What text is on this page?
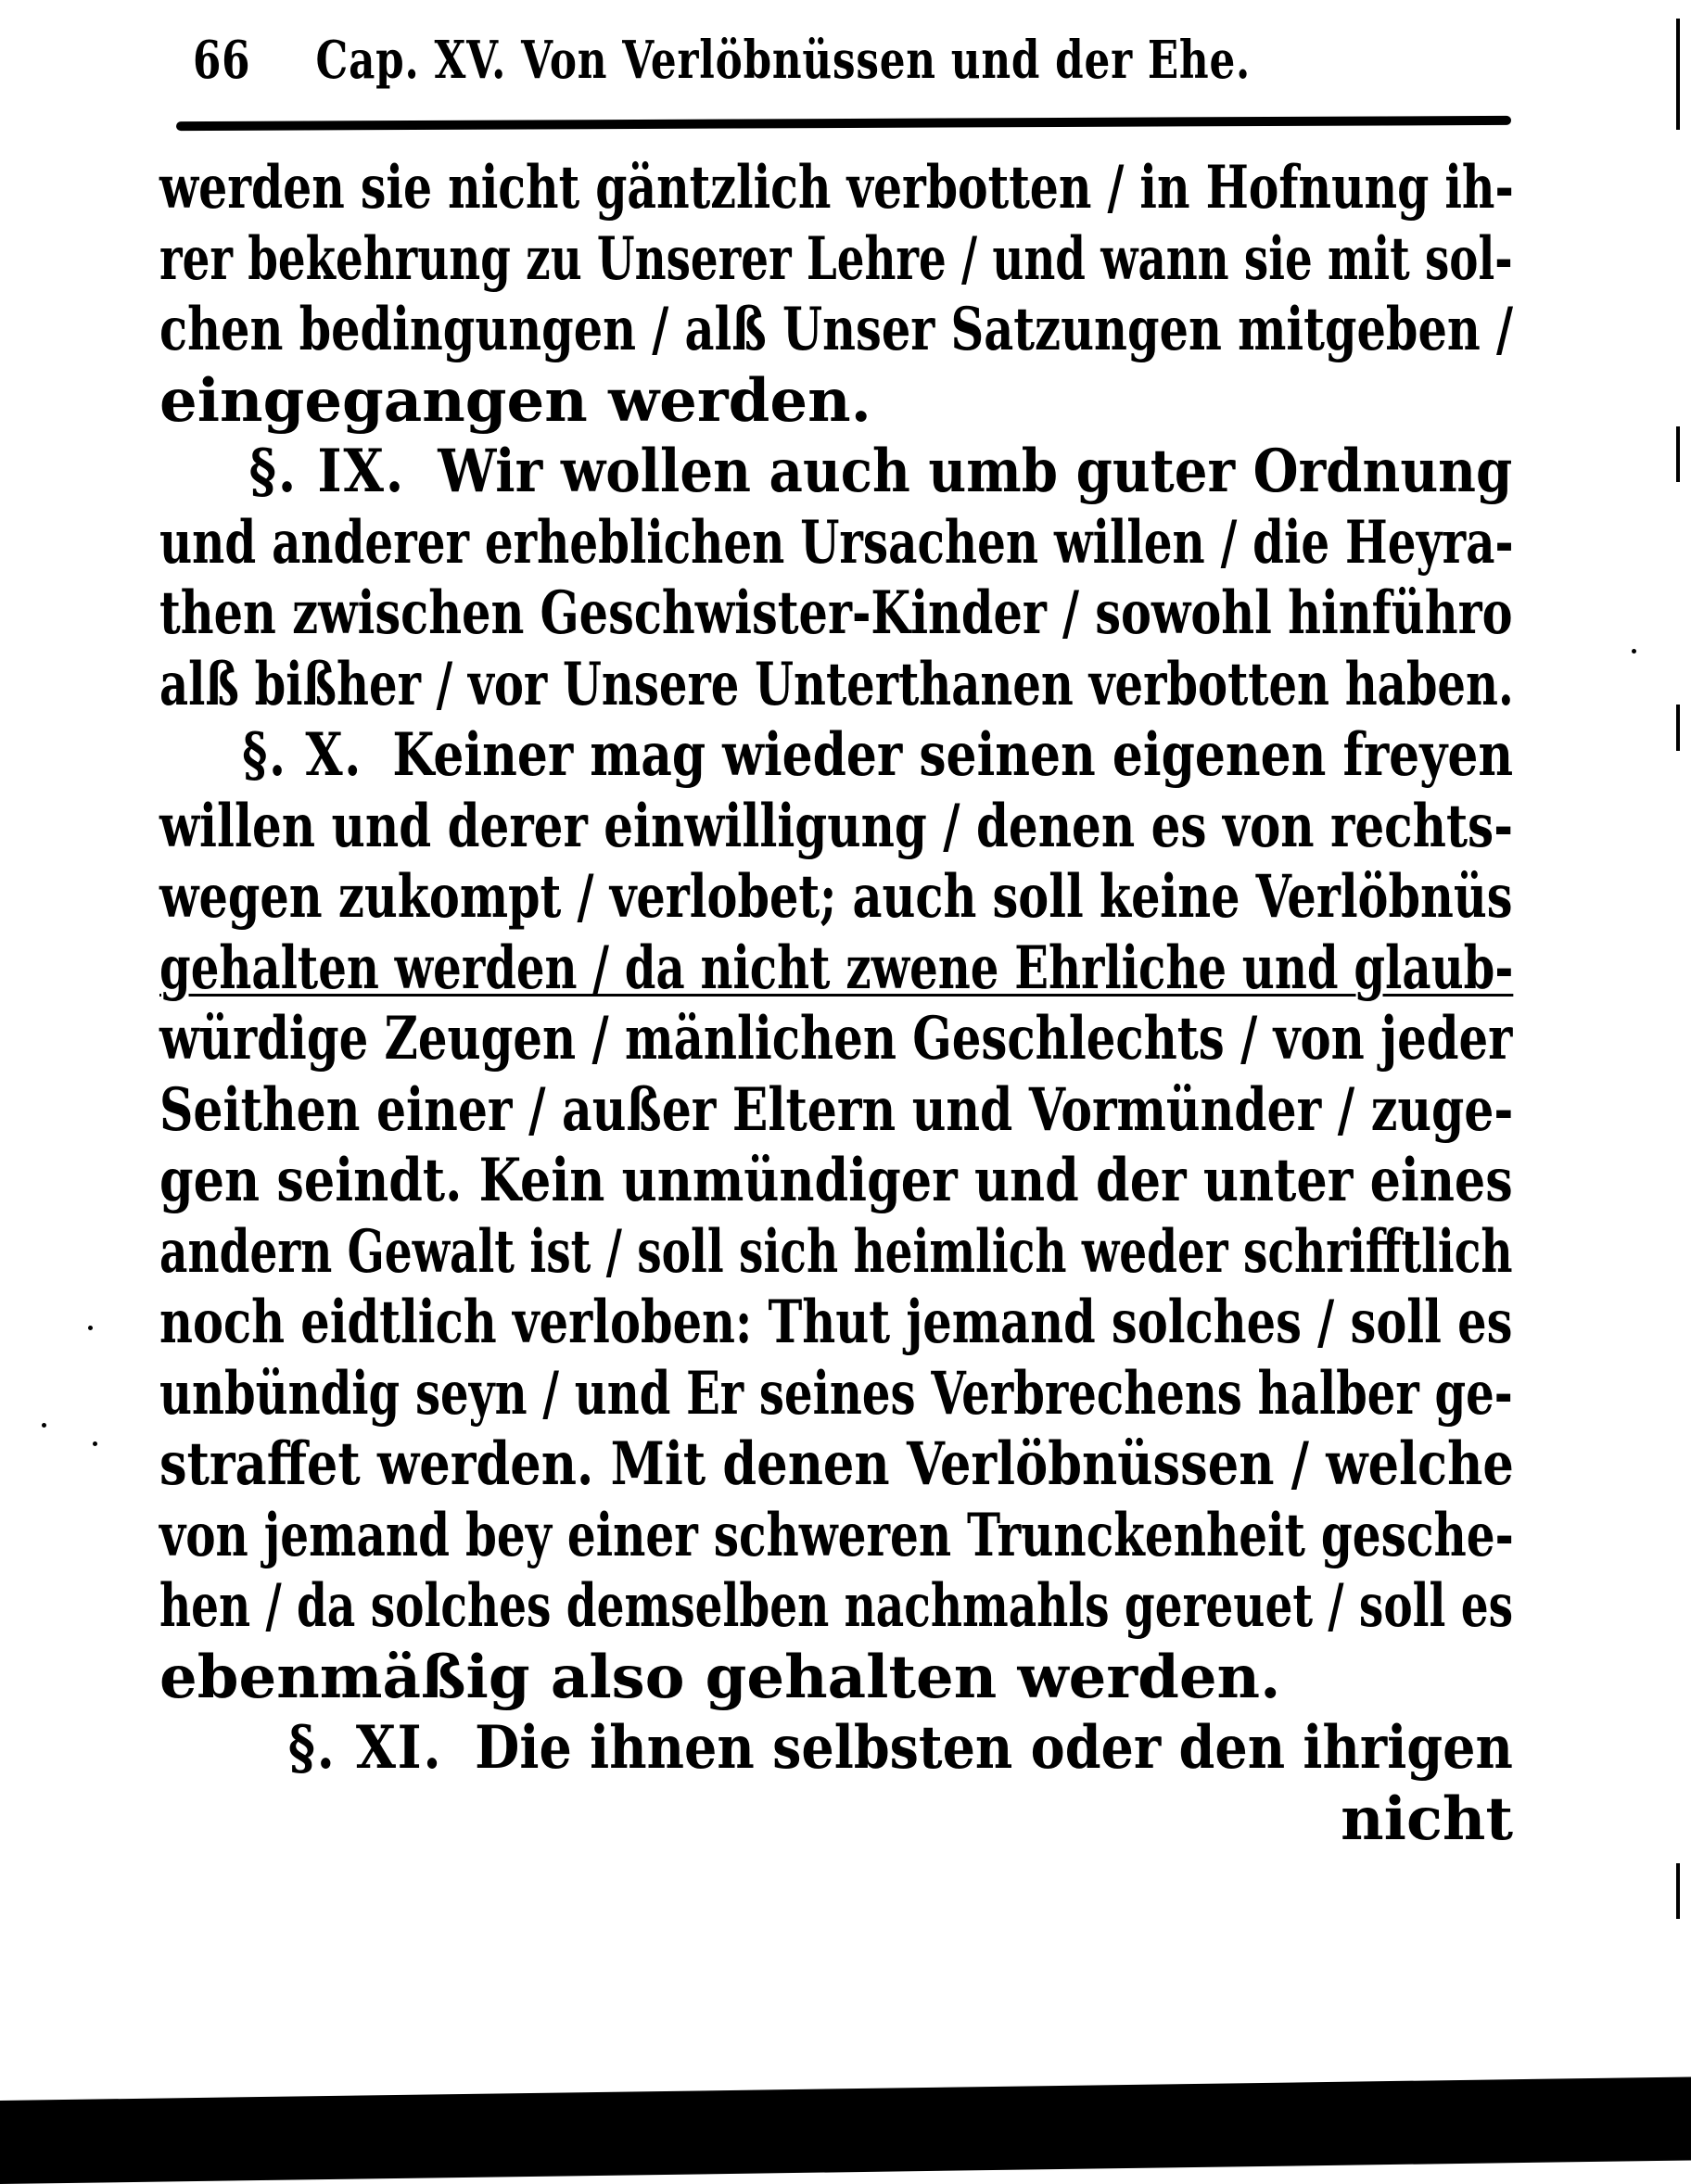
66 Cap. XV. Von Verlöbnüssen und der Ehe.
werden sie nicht gäntzlich verbotten / in Hofnung ih-
rer bekehrung zu Unserer Lehre / und wann sie mit sol-
chen bedingungen / alß Unser Satzungen mitgeben /
eingegangen werden.
§. IX. Wir wollen auch umb guter Ordnung
und anderer erheblichen Ursachen willen / die Heyra-
then zwischen Geschwister-Kinder / sowohl hinführo
alß bißher / vor Unsere Unterthanen verbotten haben.
§. X. Keiner mag wieder seinen eigenen freyen
willen und derer einwilligung / denen es von rechts-
wegen zukompt / verlobet; auch soll keine Verlöbnüs
gehalten werden / da nicht zwene Ehrliche und glaub-
würdige Zeugen / mänlichen Geschlechts / von jeder
Seithen einer / außer Eltern und Vormünder / zuge-
gen seindt. Kein unmündiger und der unter eines
andern Gewalt ist / soll sich heimlich weder schrifftlich
noch eidtlich verloben: Thut jemand solches / soll es
unbündig seyn / und Er seines Verbrechens halber ge-
straffet werden. Mit denen Verlöbnüssen / welche
von jemand bey einer schweren Trunckenheit gesche-
hen / da solches demselben nachmahls gereuet / soll es
ebenmäßig also gehalten werden.
§. XI. Die ihnen selbsten oder den ihrigen
nicht
